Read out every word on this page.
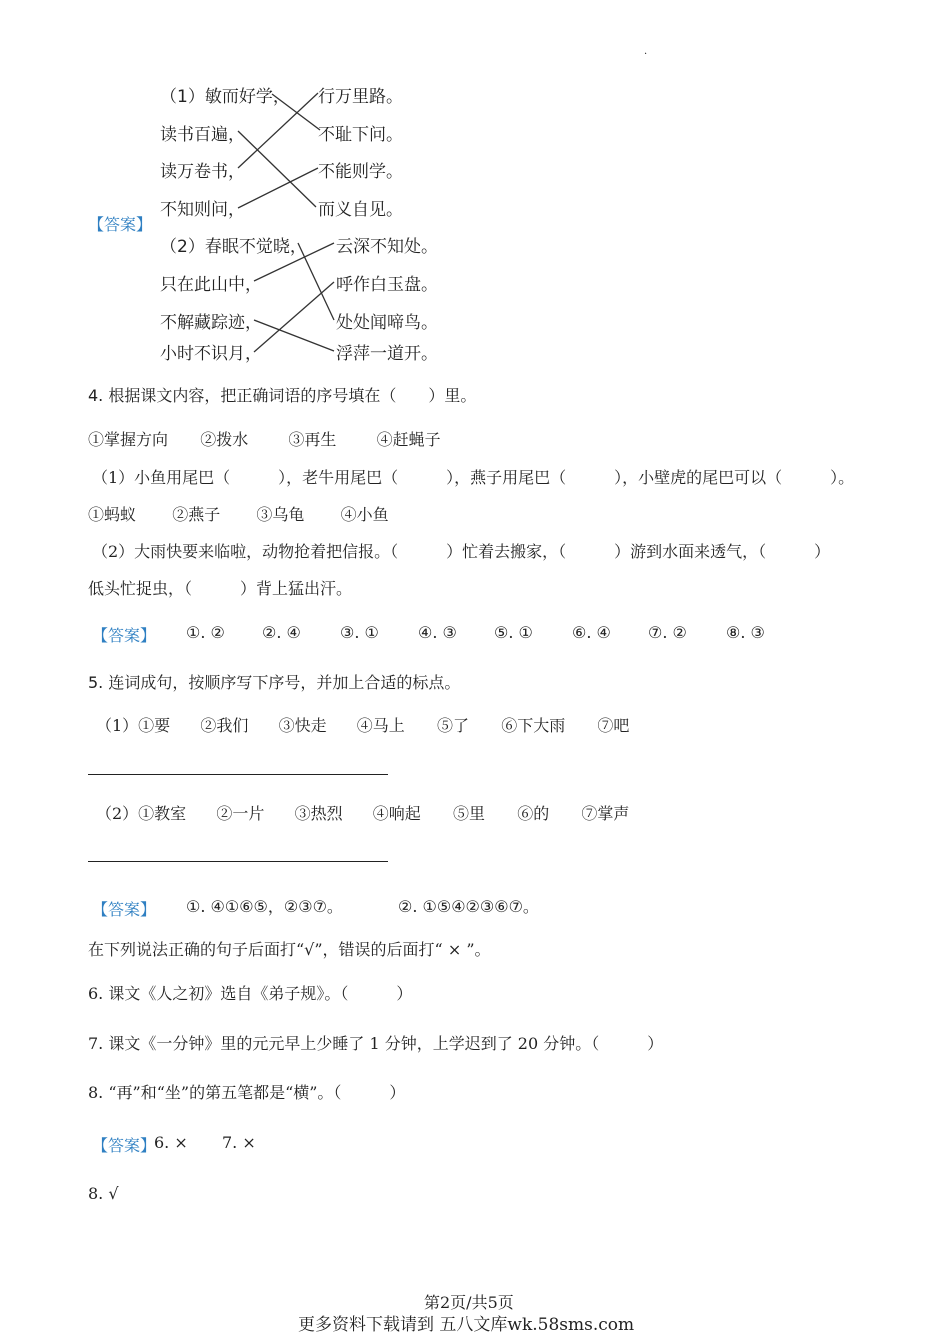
.
（1）敏而好学，
读书百遍，
读万卷书，
不知则问，
行万里路。
不耻下问。
不能则学。
而义自见。
【答案】
（2）春眠不觉晓，
只在此山中，
不解藏踪迹，
小时不识月，
云深不知处。
呼作白玉盘。
处处闻啼鸟。
浮萍一道开。
4. 根据课文内容，把正确词语的序号填在（　　）里。
①掌握方向 ②拨水	③再生	④赶蝇子
（1）小鱼用尾巴（　　　），老牛用尾巴（　　　），燕子用尾巴（　　　），小壁虎的尾巴可以（　　　）。
①蚂蚁 ②燕子 ③乌龟 ④小鱼
（2）大雨快要来临啦，动物抢着把信报。（　　　）忙着去搬家，（　　　）游到水面来透气，（　　　）
低头忙捉虫，（　　　）背上猛出汗。
【答案】 ①. ② ②. ④ ③. ① ④. ③ ⑤. ① ⑥. ④ ⑦. ② ⑧. ③
5. 连词成句，按顺序写下序号，并加上合适的标点。
（1）①要 ②我们 ③快走 ④马上 ⑤了 ⑥下大雨 ⑦吧
（2）①教室 ②一片 ③热烈 ④响起 ⑤里 ⑥的 ⑦掌声
【答案】 ①. ④①⑥⑤，②③⑦。	②. ①⑤④②③⑥⑦。
在下列说法正确的句子后面打“√”，错误的后面打“ × ”。
6. 课文《人之初》选自《弟子规》。（　　　）
7. 课文《一分钟》里的元元早上少睡了 1 分钟，上学迟到了 20 分钟。（　　　）
8. “再”和“坐”的第五笔都是“横”。（　　　）
【答案】
6. × 7. ×
8. √
第2页/共5页
更多资料下载请到 五八文库wk.58sms.com
